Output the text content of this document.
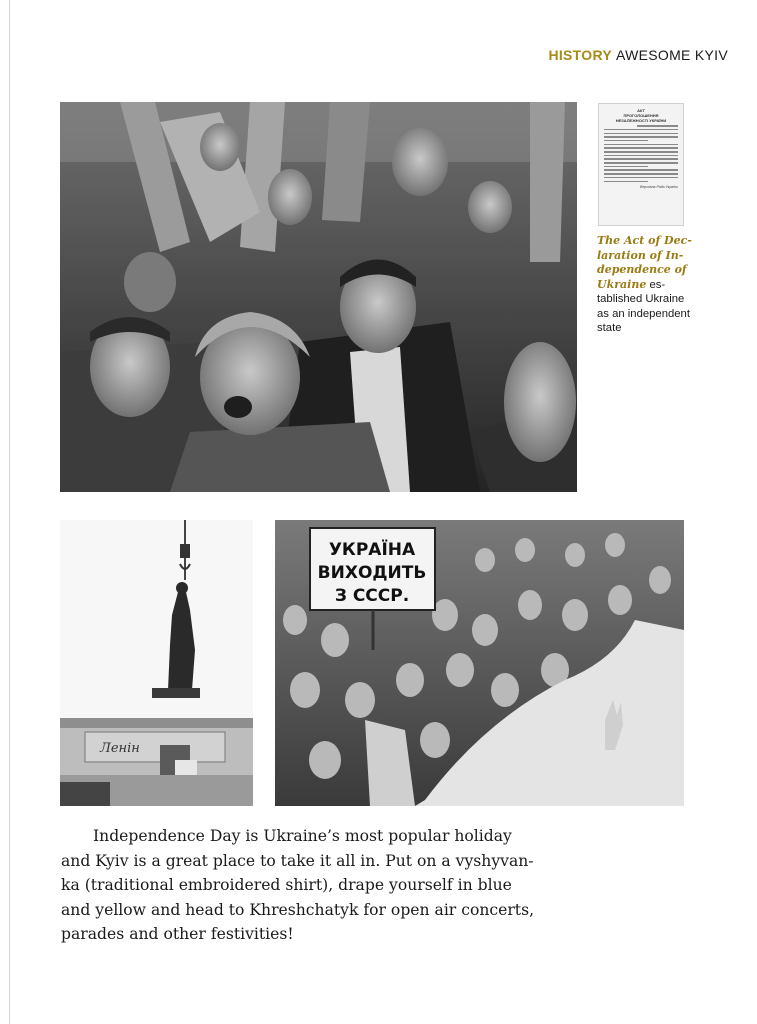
HISTORY AWESOME KYIV
АКТ
ПРОГОЛОШЕННЯ
НЕЗАЛЕЖНОСТІ УКРАЇНИ
Верховна Рада України
The Act of Dec-laration of In-dependence of Ukraine es-tablished Ukraine as an independent state
Ленін
УКРАЇНА
ВИХОДИТЬ
З СССР.
Independence Day is Ukraine’s most popular holiday
and Kyiv is a great place to take it all in. Put on a vyshyvan-
ka (traditional embroidered shirt), drape yourself in blue
and yellow and head to Khreshchatyk for open air concerts,
parades and other festivities!
